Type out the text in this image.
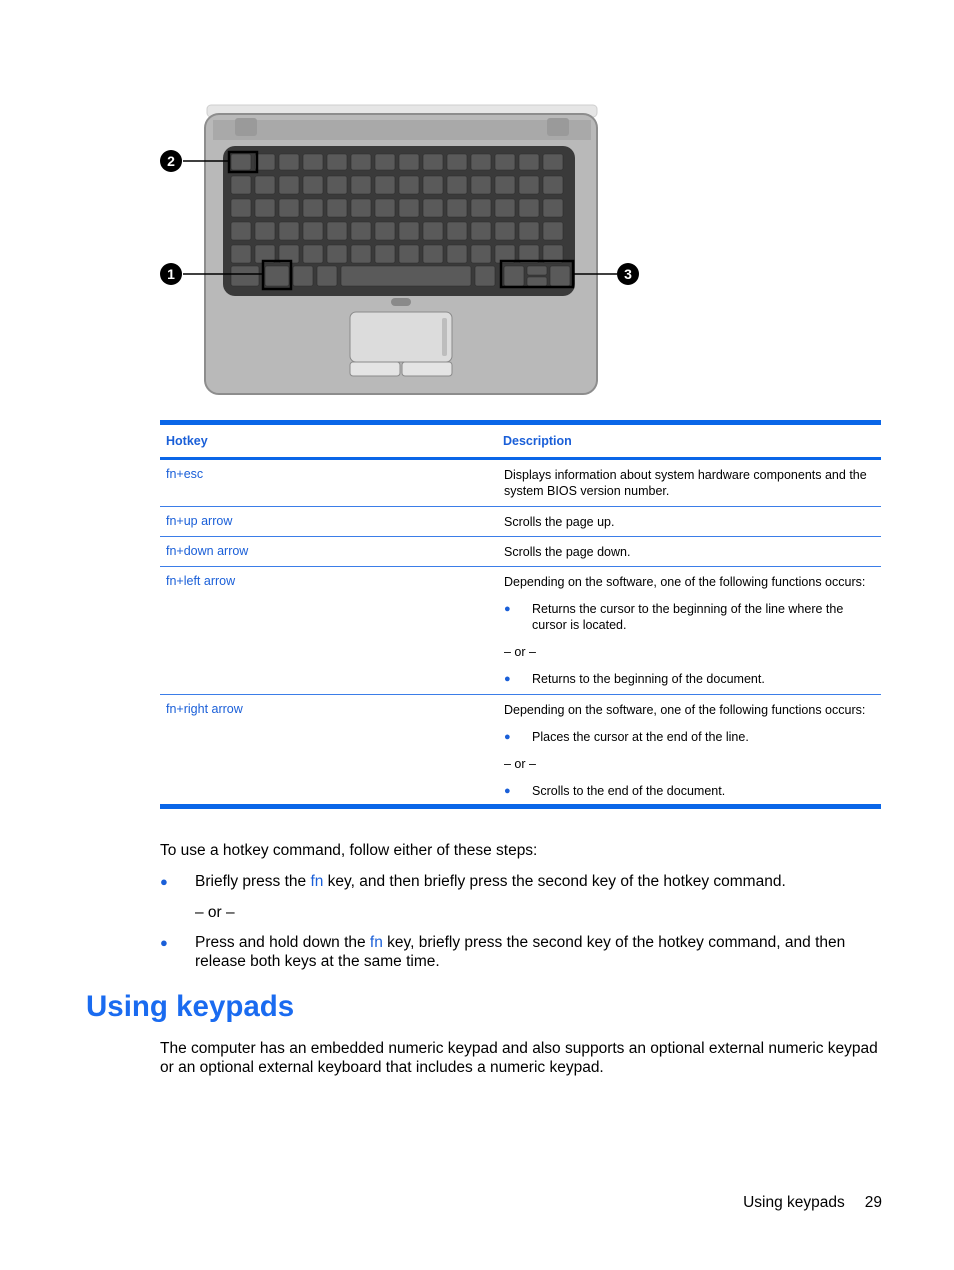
2
1	3
Hotkey	Description
fn+esc	Displays information about system hardware components and the system BIOS version number.
fn+up arrow	Scrolls the page up.
fn+down arrow	Scrolls the page down.
fn+left arrow	Depending on the software, one of the following functions occurs:
● Returns the cursor to the beginning of the line where the cursor is located.
– or –
● Returns to the beginning of the document.
fn+right arrow	Depending on the software, one of the following functions occurs:
● Places the cursor at the end of the line.
– or –
● Scrolls to the end of the document.
To use a hotkey command, follow either of these steps:
● Briefly press the fn key, and then briefly press the second key of the hotkey command.
– or –
● Press and hold down the fn key, briefly press the second key of the hotkey command, and then release both keys at the same time.
Using keypads
The computer has an embedded numeric keypad and also supports an optional external numeric keypad or an optional external keyboard that includes a numeric keypad.
Using keypads 29
